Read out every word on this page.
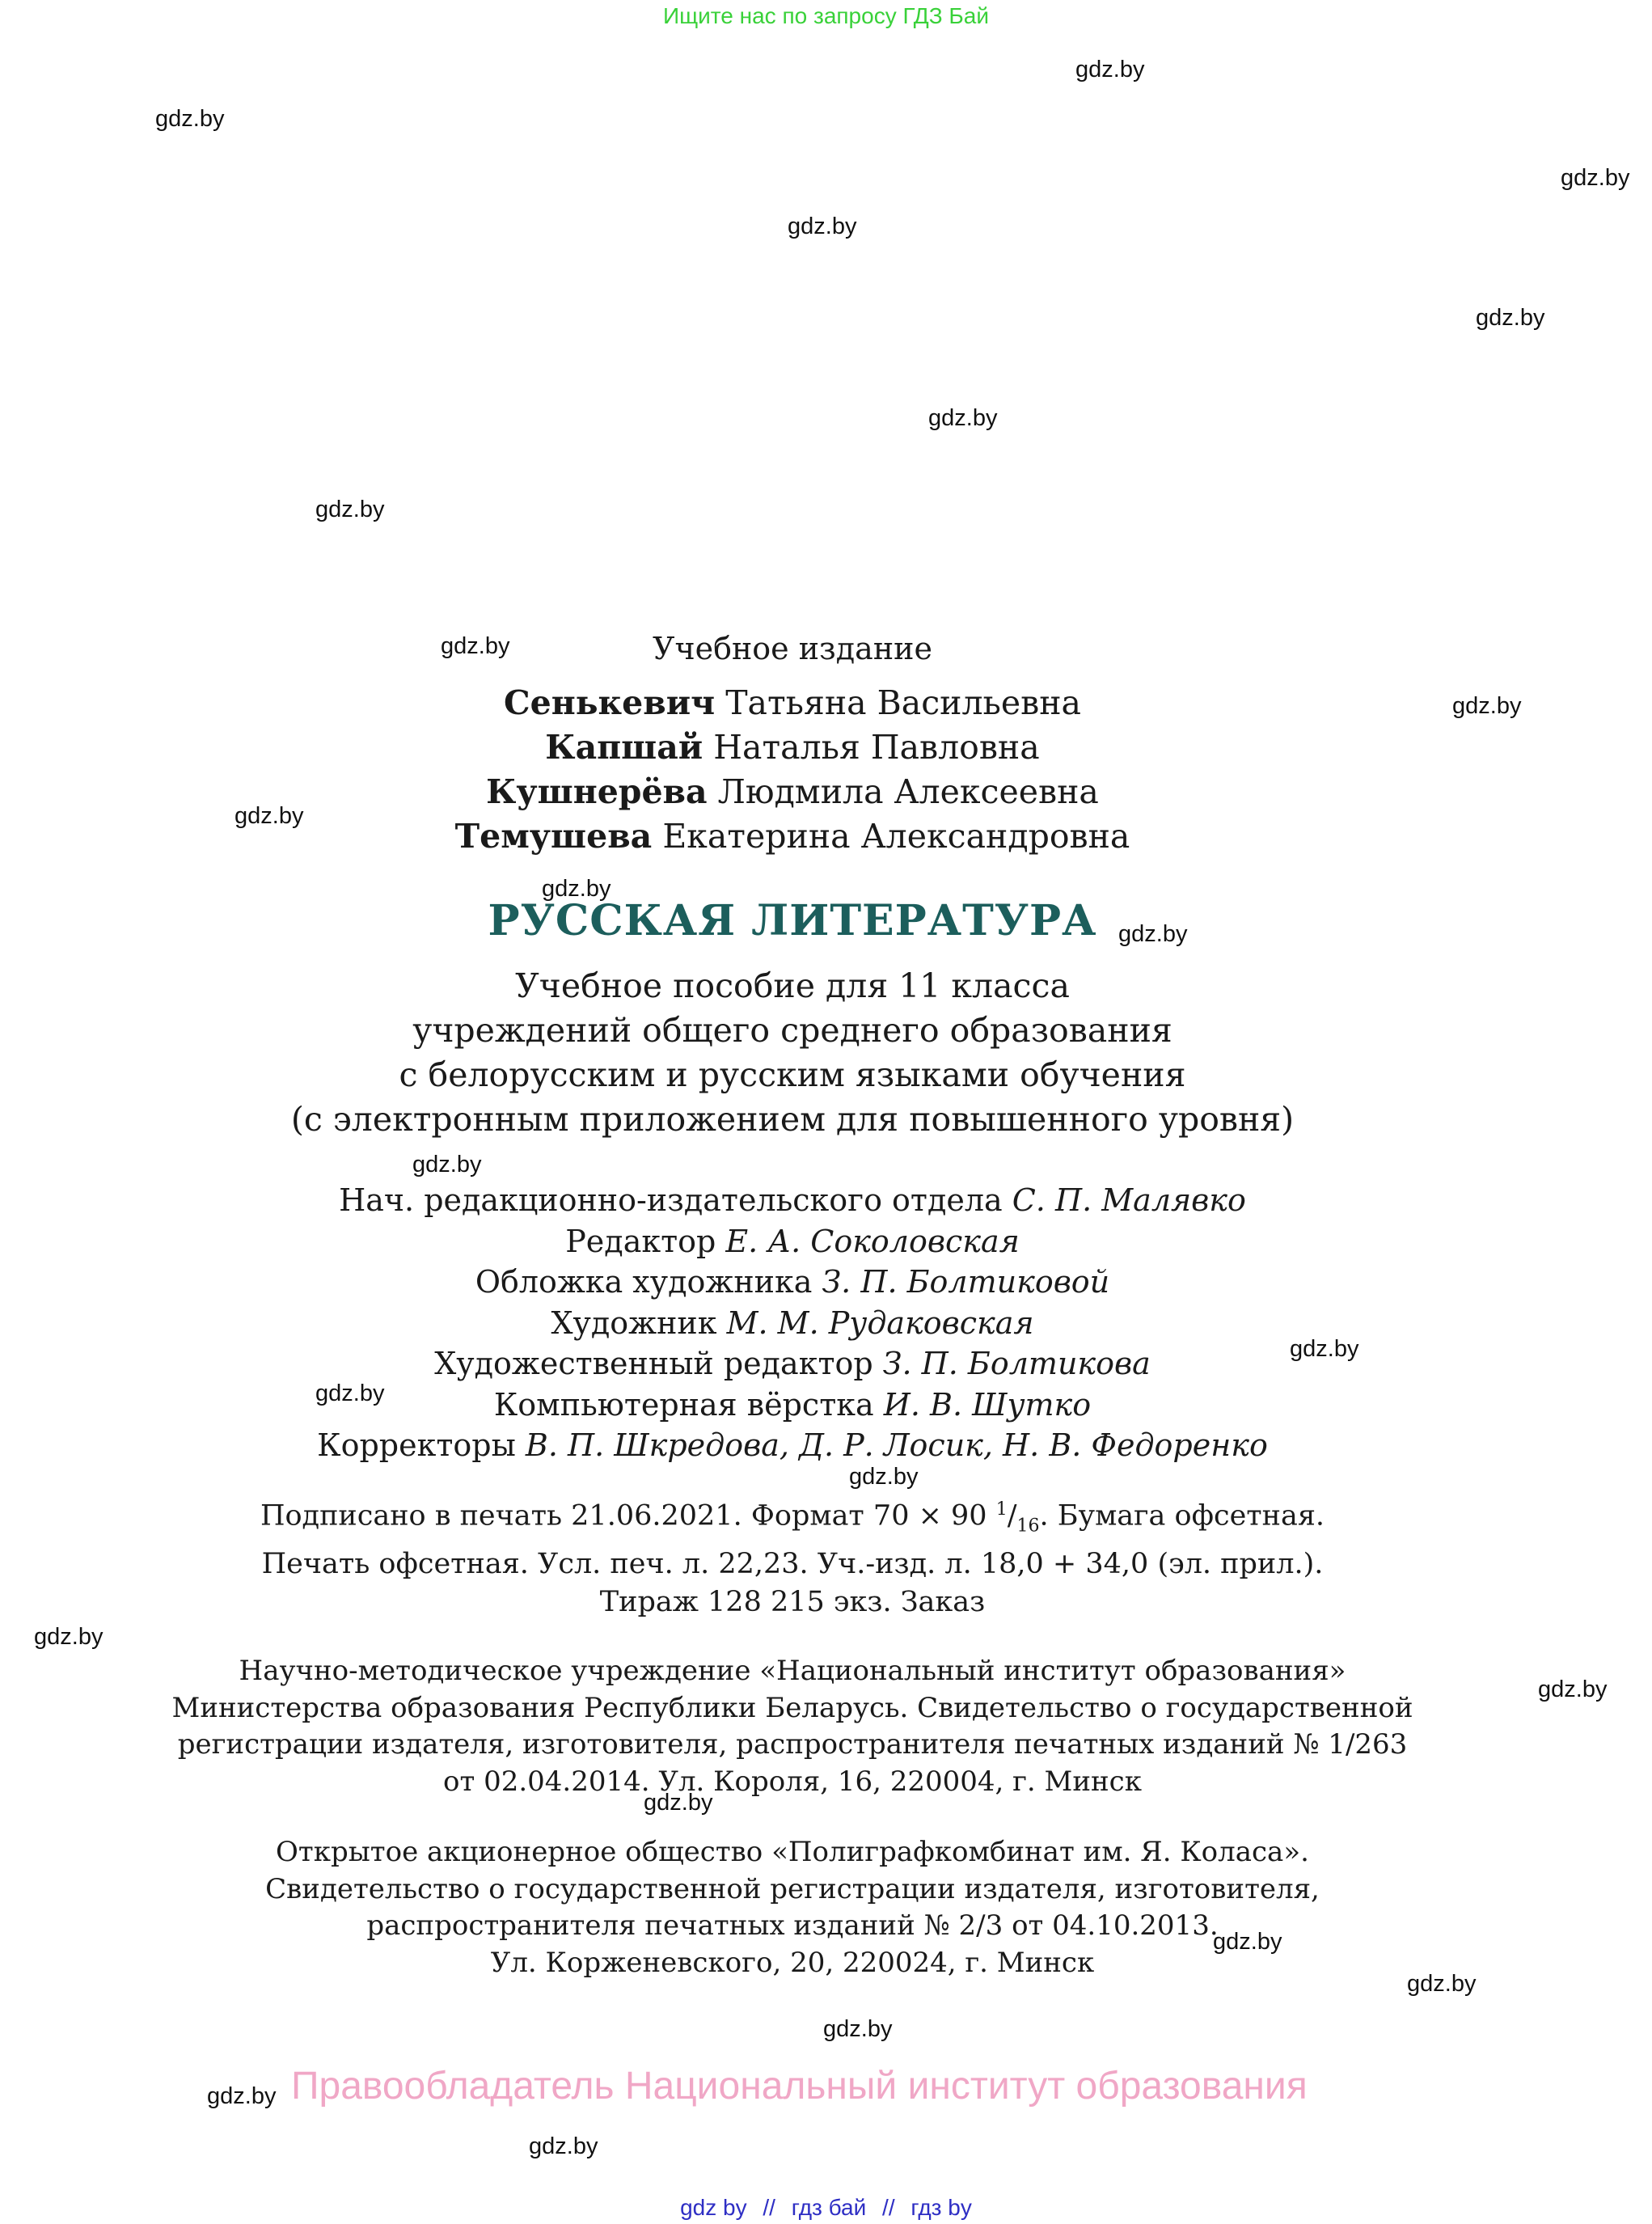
Ищите нас по запросу ГДЗ Бай
gdz.by
gdz.by
gdz.by
gdz.by
gdz.by
gdz.by
gdz.by
gdz.by
gdz.by
gdz.by
gdz.by
gdz.by
gdz.by
gdz.by
gdz.by
gdz.by
gdz.by
gdz.by
gdz.by
gdz.by
gdz.by
gdz.by
gdz.by
gdz.by
Учебное издание
Сенькевич Татьяна Васильевна
Капшай Наталья Павловна
Кушнерёва Людмила Алексеевна
Темушева Екатерина Александровна
РУССКАЯ ЛИТЕРАТУРА
Учебное пособие для 11 класса
учреждений общего среднего образования
с белорусским и русским языками обучения
(с электронным приложением для повышенного уровня)
Нач. редакционно-издательского отдела С. П. Малявко
Редактор Е. А. Соколовская
Обложка художника З. П. Болтиковой
Художник М. М. Рудаковская
Художественный редактор З. П. Болтикова
Компьютерная вёрстка И. В. Шутко
Корректоры В. П. Шкредова, Д. Р. Лосик, Н. В. Федоренко
Подписано в печать 21.06.2021. Формат 70 × 90 $^1/_{16}$. Бумага офсетная.
Печать офсетная. Усл. печ. л. 22,23. Уч.-изд. л. 18,0 + 34,0 (эл. прил.).
Тираж 128 215 экз. Заказ
Научно-методическое учреждение «Национальный институт образования»
Министерства образования Республики Беларусь. Свидетельство о государственной
регистрации издателя, изготовителя, распространителя печатных изданий № 1/263
от 02.04.2014. Ул. Короля, 16, 220004, г. Минск
Открытое акционерное общество «Полиграфкомбинат им. Я. Коласа».
Свидетельство о государственной регистрации издателя, изготовителя,
распространителя печатных изданий № 2/3 от 04.10.2013.
Ул. Корженевского, 20, 220024, г. Минск
Правообладатель Национальный институт образования
gdz by // гдз бай // гдз by
